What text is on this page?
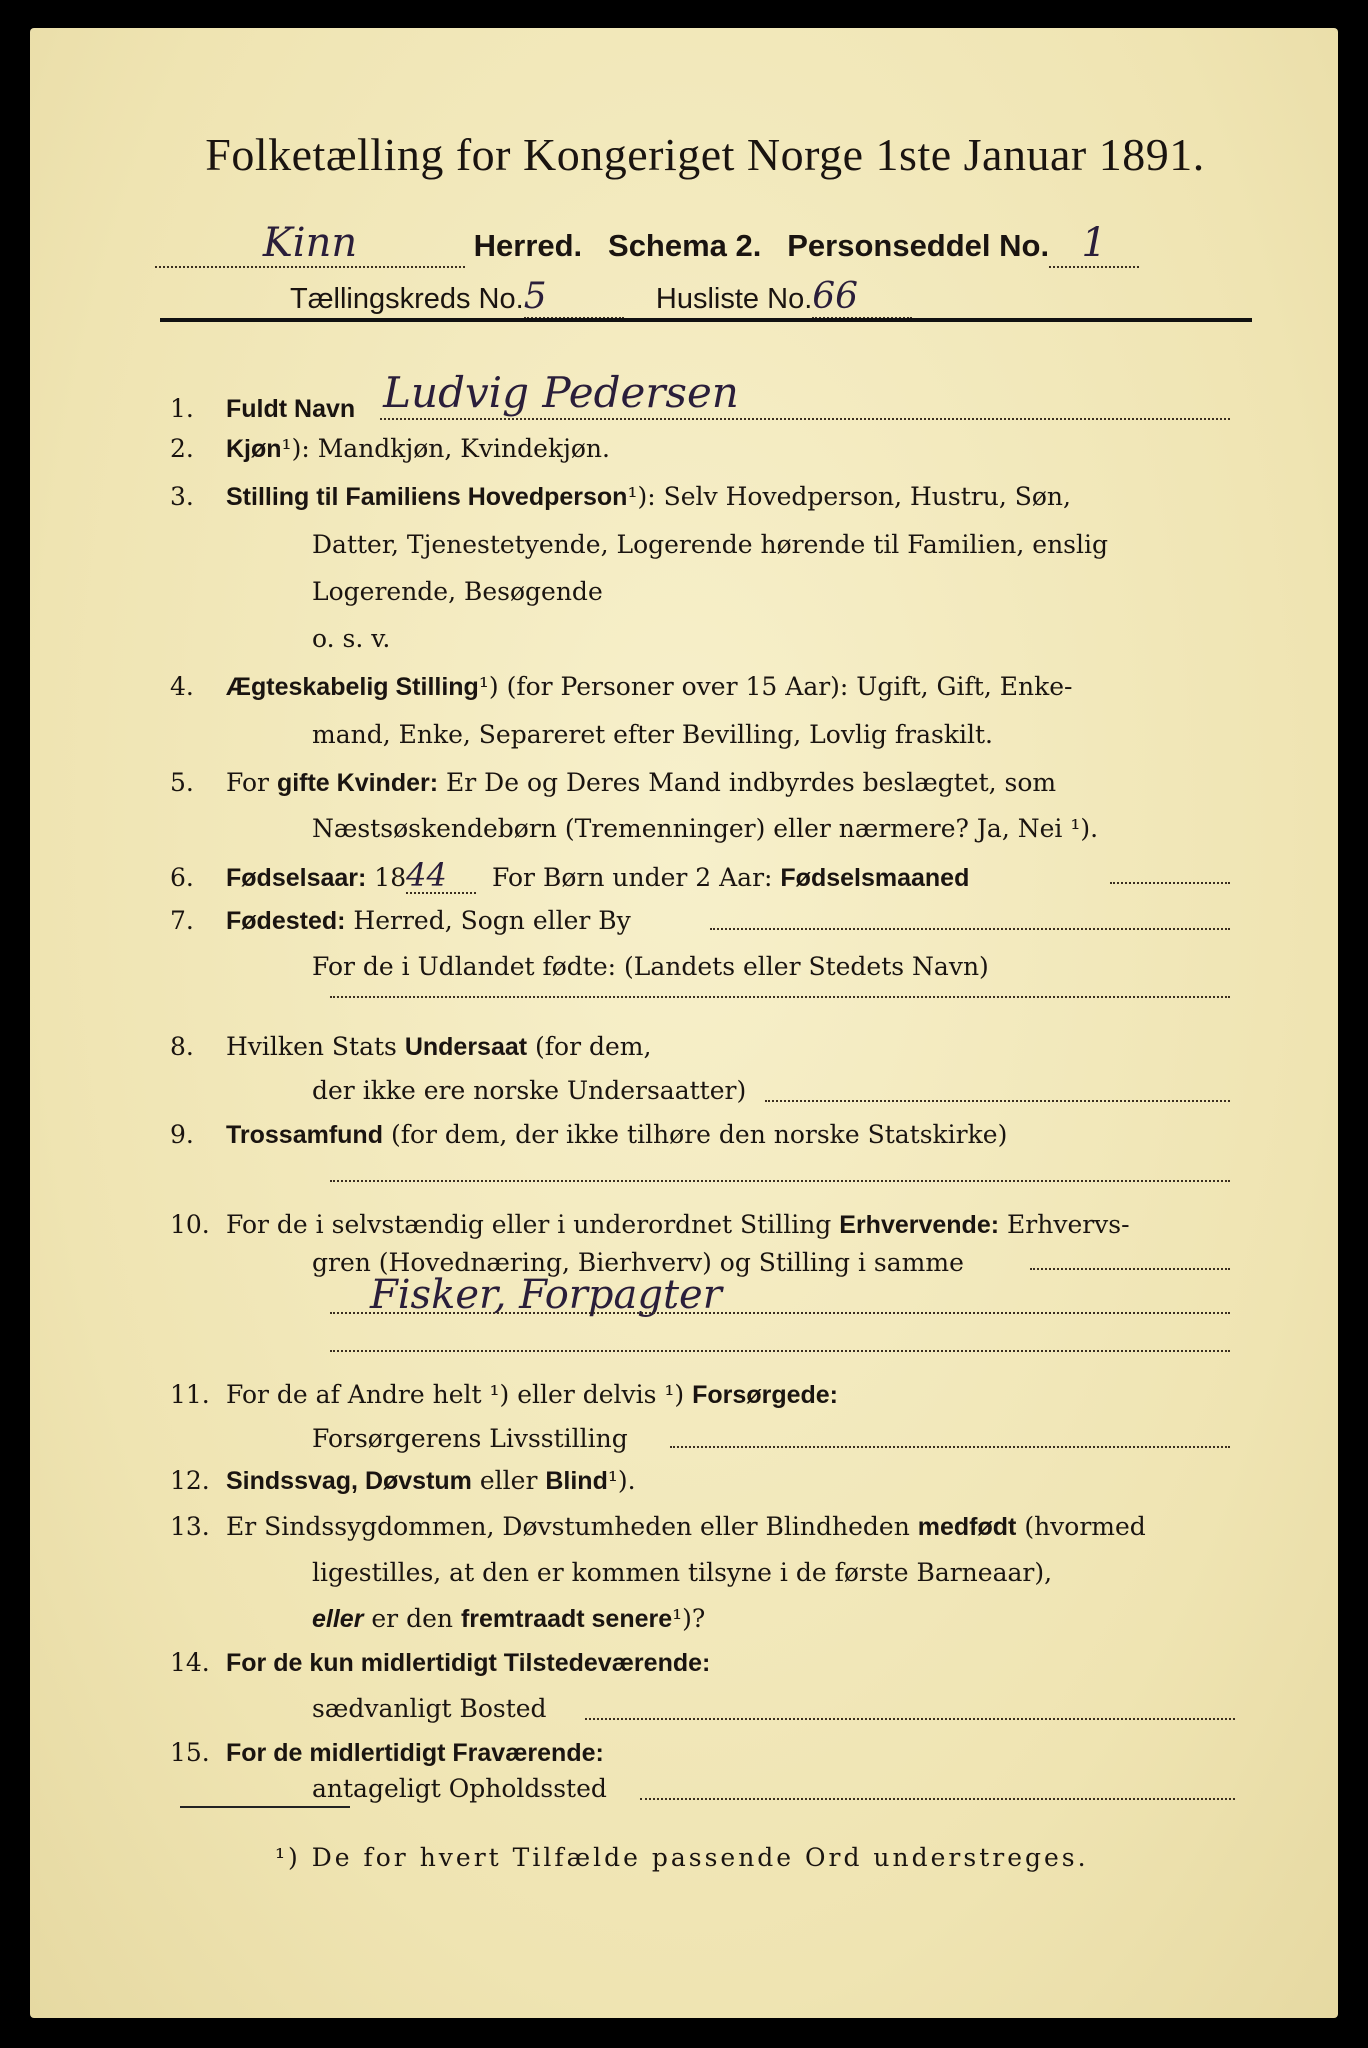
Folketælling for Kongeriget Norge 1ste Januar 1891.
Kinn	Herred. Schema 2. Personseddel No. 1
Tællingskreds No.5	Husliste No.66
1. Fuldt Navn Ludvig Pedersen
2. Kjøn¹): Mandkjøn, Kvindekjøn.
3. Stilling til Familiens Hovedperson¹): Selv Hovedperson, Hustru, Søn,
Datter, Tjenestetyende, Logerende hørende til Familien, enslig
Logerende, Besøgende
o. s. v.
4. Ægteskabelig Stilling¹) (for Personer over 15 Aar): Ugift, Gift, Enke-
mand, Enke, Separeret efter Bevilling, Lovlig fraskilt.
5. For gifte Kvinder: Er De og Deres Mand indbyrdes beslægtet, som
Næstsøskendebørn (Tremenninger) eller nærmere? Ja, Nei ¹).
6. Fødselsaar: 1844 For Børn under 2 Aar: Fødselsmaaned
7. Fødested: Herred, Sogn eller By
For de i Udlandet fødte: (Landets eller Stedets Navn)
8. Hvilken Stats Undersaat (for dem,
der ikke ere norske Undersaatter)
9. Trossamfund (for dem, der ikke tilhøre den norske Statskirke)
10. For de i selvstændig eller i underordnet Stilling Erhvervende: Erhvervs-
gren (Hovednæring, Bierhverv) og Stilling i samme
Fisker, Forpagter
11. For de af Andre helt ¹) eller delvis ¹) Forsørgede:
Forsørgerens Livsstilling
12. Sindssvag, Døvstum eller Blind¹).
13. Er Sindssygdommen, Døvstumheden eller Blindheden medfødt (hvormed
ligestilles, at den er kommen tilsyne i de første Barneaar),
eller er den fremtraadt senere¹)?
14. For de kun midlertidigt Tilstedeværende:
sædvanligt Bosted
15. For de midlertidigt Fraværende:
antageligt Opholdssted
¹) De for hvert Tilfælde passende Ord understreges.
